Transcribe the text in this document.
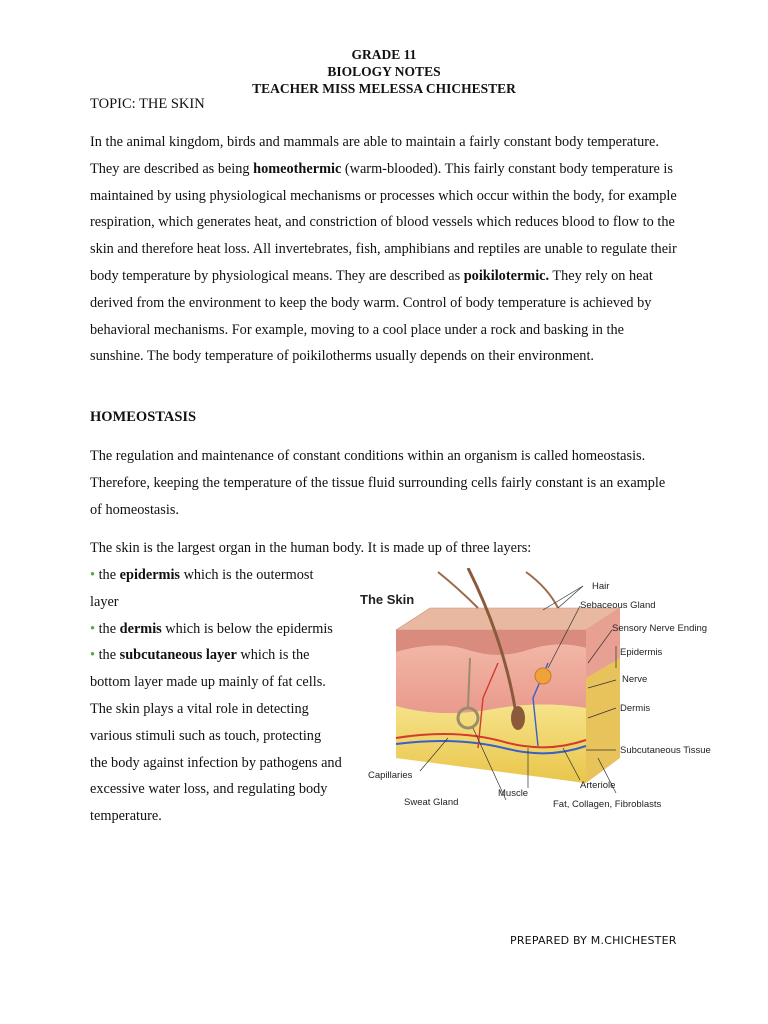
GRADE 11
BIOLOGY NOTES
TEACHER MISS MELESSA CHICHESTER
TOPIC: THE SKIN

In the animal kingdom, birds and mammals are able to maintain a fairly constant body temperature. They are described as being homeothermic (warm-blooded). This fairly constant body temperature is maintained by using physiological mechanisms or processes which occur within the body, for example respiration, which generates heat, and constriction of blood vessels which reduces blood to flow to the skin and therefore heat loss. All invertebrates, fish, amphibians and reptiles are unable to regulate their body temperature by physiological means. They are described as poikilotermic. They rely on heat derived from the environment to keep the body warm. Control of body temperature is achieved by behavioral mechanisms. For example, moving to a cool place under a rock and basking in the sunshine. The body temperature of poikilotherms usually depends on their environment.

HOMEOSTASIS

The regulation and maintenance of constant conditions within an organism is called homeostasis. Therefore, keeping the temperature of the tissue fluid surrounding cells fairly constant is an example of homeostasis.

The skin is the largest organ in the human body. It is made up of three layers:

• the epidermis which is the outermost layer
• the dermis which is below the epidermis
• the subcutaneous layer which is the bottom layer made up mainly of fat cells.
The skin plays a vital role in detecting various stimuli such as touch, protecting the body against infection by pathogens and excessive water loss, and regulating body temperature.
The Skin
Hair
Sebaceous Gland
Sensory Nerve Ending
Epidermis
Nerve
Dermis
Subcutaneous Tissue
Capillaries
Sweat Gland
Muscle
Arteriole
Fat, Collagen, Fibroblasts
PREPARED BY M.CHICHESTER
